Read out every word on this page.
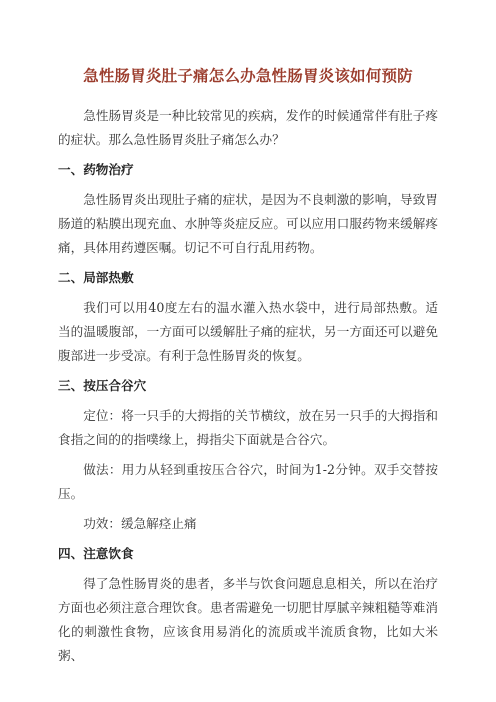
急性肠胃炎肚子痛怎么办急性肠胃炎该如何预防

急性肠胃炎是一种比较常见的疾病，发作的时候通常伴有肚子疼的症状。那么急性肠胃炎肚子痛怎么办？

一、药物治疗

急性肠胃炎出现肚子痛的症状，是因为不良刺激的影响，导致胃肠道的粘膜出现充血、水肿等炎症反应。可以应用口服药物来缓解疼痛，具体用药遵医嘱。切记不可自行乱用药物。

二、局部热敷

我们可以用40度左右的温水灌入热水袋中，进行局部热敷。适当的温暖腹部，一方面可以缓解肚子痛的症状，另一方面还可以避免腹部进一步受凉。有利于急性肠胃炎的恢复。

三、按压合谷穴

定位：将一只手的大拇指的关节横纹，放在另一只手的大拇指和食指之间的的指噗缘上，拇指尖下面就是合谷穴。

做法：用力从轻到重按压合谷穴，时间为1-2分钟。双手交替按压。

功效：缓急解痉止痛

四、注意饮食

得了急性肠胃炎的患者，多半与饮食问题息息相关，所以在治疗方面也必须注意合理饮食。患者需避免一切肥甘厚腻辛辣粗糙等难消化的刺激性食物，应该食用易消化的流质或半流质食物，比如大米粥、
